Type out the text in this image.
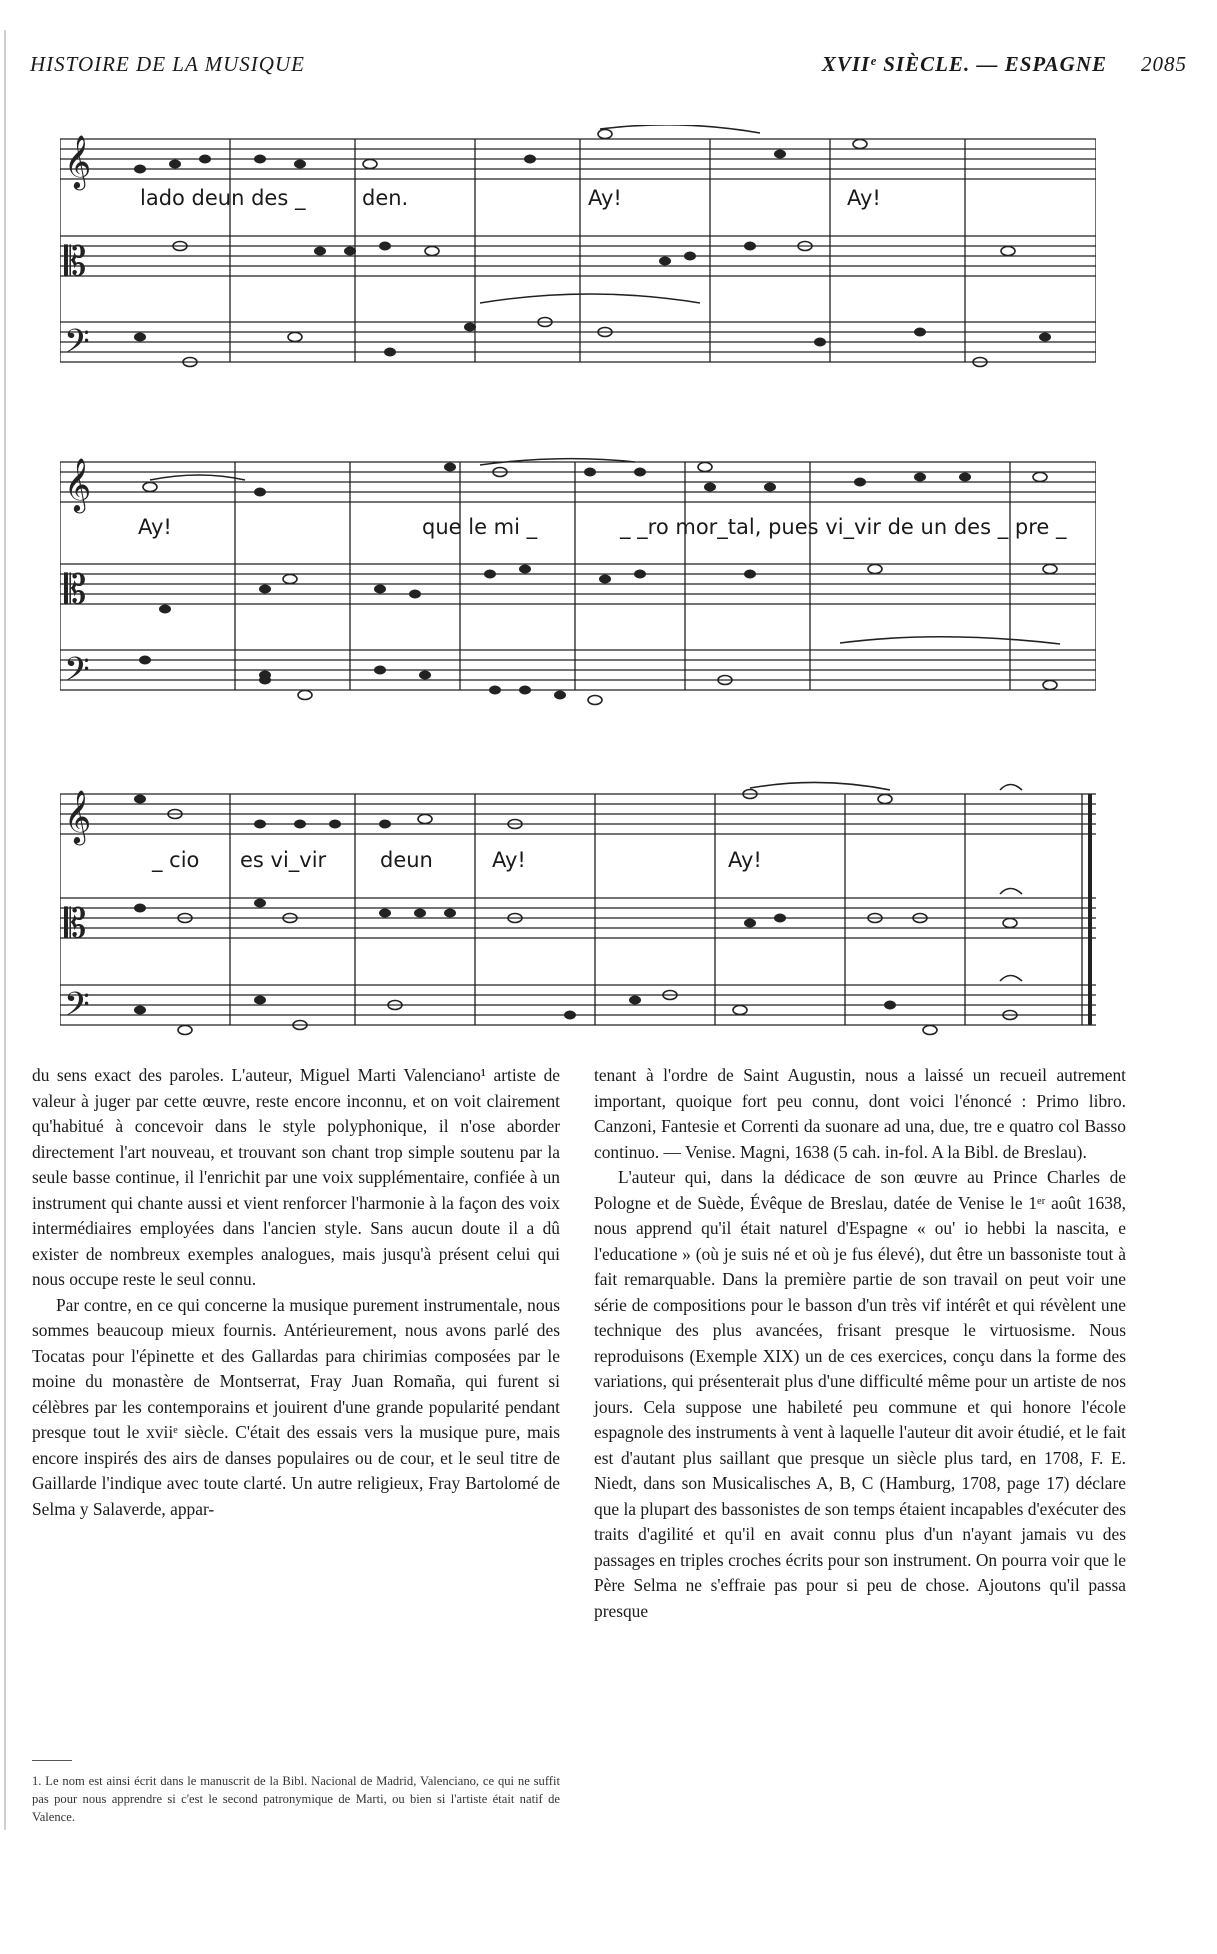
HISTOIRE DE LA MUSIQUE	XVIIᵉ SIÈCLE. — ESPAGNE 2085
𝄞
𝄡
𝄢
lado deun des _	den.	Ay!	Ay!
𝄞
𝄡
𝄢
Ay!	que le mi _	_ _ro mor_tal, pues vi_vir de un des _ pre _
𝄞
𝄡
𝄢
_ cio es vi_vir	deun	Ay!	Ay!

du sens exact des paroles. L'auteur, Miguel Marti Valenciano¹ artiste de valeur à juger par cette œuvre, reste encore inconnu, et on voit clairement qu'habitué à concevoir dans le style polyphonique, il n'ose aborder directement l'art nouveau, et trouvant son chant trop simple soutenu par la seule basse continue, il l'enrichit par une voix supplémentaire, confiée à un instrument qui chante aussi et vient renforcer l'harmonie à la façon des voix intermédiaires employées dans l'ancien style. Sans aucun doute il a dû exister de nombreux exemples analogues, mais jusqu'à présent celui qui nous occupe reste le seul connu.

Par contre, en ce qui concerne la musique purement instrumentale, nous sommes beaucoup mieux fournis. Antérieurement, nous avons parlé des Tocatas pour l'épinette et des Gallardas para chirimias composées par le moine du monastère de Montserrat, Fray Juan Romaña, qui furent si célèbres par les contemporains et jouirent d'une grande popularité pendant presque tout le xviiᵉ siècle. C'était des essais vers la musique pure, mais encore inspirés des airs de danses populaires ou de cour, et le seul titre de Gaillarde l'indique avec toute clarté. Un autre religieux, Fray Bartolomé de Selma y Salaverde, appar-

1. Le nom est ainsi écrit dans le manuscrit de la Bibl. Nacional de Madrid, Valenciano, ce qui ne suffit pas pour nous apprendre si c'est le second patronymique de Marti, ou bien si l'artiste était natif de Valence.

tenant à l'ordre de Saint Augustin, nous a laissé un recueil autrement important, quoique fort peu connu, dont voici l'énoncé : Primo libro. Canzoni, Fantesie et Correnti da suonare ad una, due, tre e quatro col Basso continuo. — Venise. Magni, 1638 (5 cah. in-fol. A la Bibl. de Breslau).

L'auteur qui, dans la dédicace de son œuvre au Prince Charles de Pologne et de Suède, Évêque de Breslau, datée de Venise le 1ᵉʳ août 1638, nous apprend qu'il était naturel d'Espagne « ou' io hebbi la nascita, e l'educatione » (où je suis né et où je fus élevé), dut être un bassoniste tout à fait remarquable. Dans la première partie de son travail on peut voir une série de compositions pour le basson d'un très vif intérêt et qui révèlent une technique des plus avancées, frisant presque le virtuosisme. Nous reproduisons (Exemple XIX) un de ces exercices, conçu dans la forme des variations, qui présenterait plus d'une difficulté même pour un artiste de nos jours. Cela suppose une habileté peu commune et qui honore l'école espagnole des instruments à vent à laquelle l'auteur dit avoir étudié, et le fait est d'autant plus saillant que presque un siècle plus tard, en 1708, F. E. Niedt, dans son Musicalisches A, B, C (Hamburg, 1708, page 17) déclare que la plupart des bassonistes de son temps étaient incapables d'exécuter des traits d'agilité et qu'il en avait connu plus d'un n'ayant jamais vu des passages en triples croches écrits pour son instrument. On pourra voir que le Père Selma ne s'effraie pas pour si peu de chose. Ajoutons qu'il passa presque
